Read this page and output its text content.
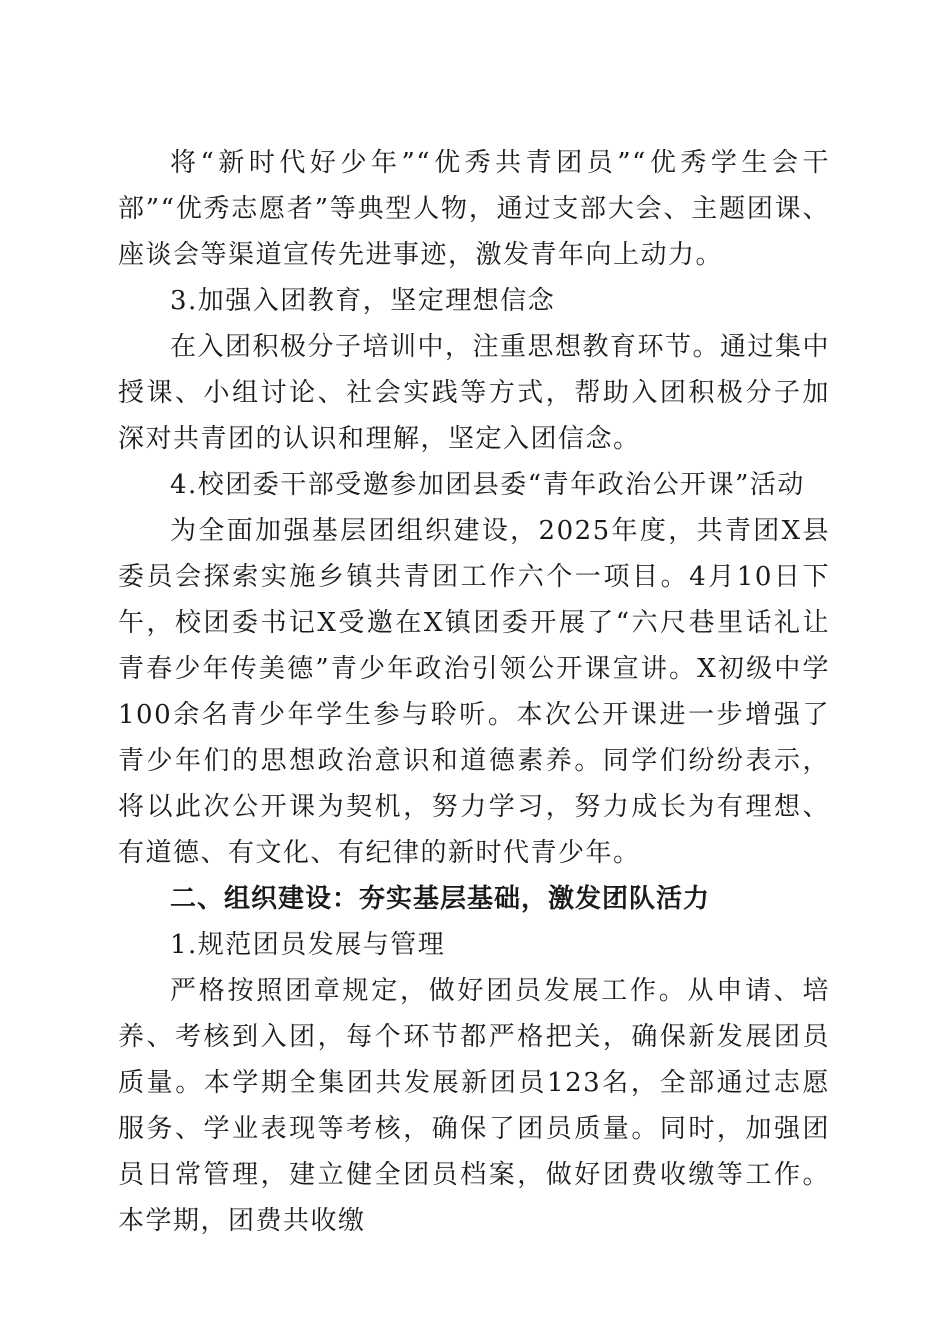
将“新时代好少年”“优秀共青团员”“优秀学生会干部”“优秀志愿者”等典型人物，通过支部大会、主题团课、座谈会等渠道宣传先进事迹，激发青年向上动力。

3.加强入团教育，坚定理想信念

在入团积极分子培训中，注重思想教育环节。通过集中授课、小组讨论、社会实践等方式，帮助入团积极分子加深对共青团的认识和理解，坚定入团信念。

4.校团委干部受邀参加团县委“青年政治公开课”活动

为全面加强基层团组织建设，2025年度，共青团X县委员会探索实施乡镇共青团工作六个一项目。4月10日下午，校团委书记X受邀在X镇团委开展了“六尺巷里话礼让青春少年传美德”青少年政治引领公开课宣讲。X初级中学100余名青少年学生参与聆听。本次公开课进一步增强了青少年们的思想政治意识和道德素养。同学们纷纷表示，将以此次公开课为契机，努力学习，努力成长为有理想、有道德、有文化、有纪律的新时代青少年。

二、组织建设：夯实基层基础，激发团队活力

1.规范团员发展与管理

严格按照团章规定，做好团员发展工作。从申请、培养、考核到入团，每个环节都严格把关，确保新发展团员质量。本学期全集团共发展新团员123名，全部通过志愿服务、学业表现等考核，确保了团员质量。同时，加强团员日常管理，建立健全团员档案，做好团费收缴等工作。本学期，团费共收缴
